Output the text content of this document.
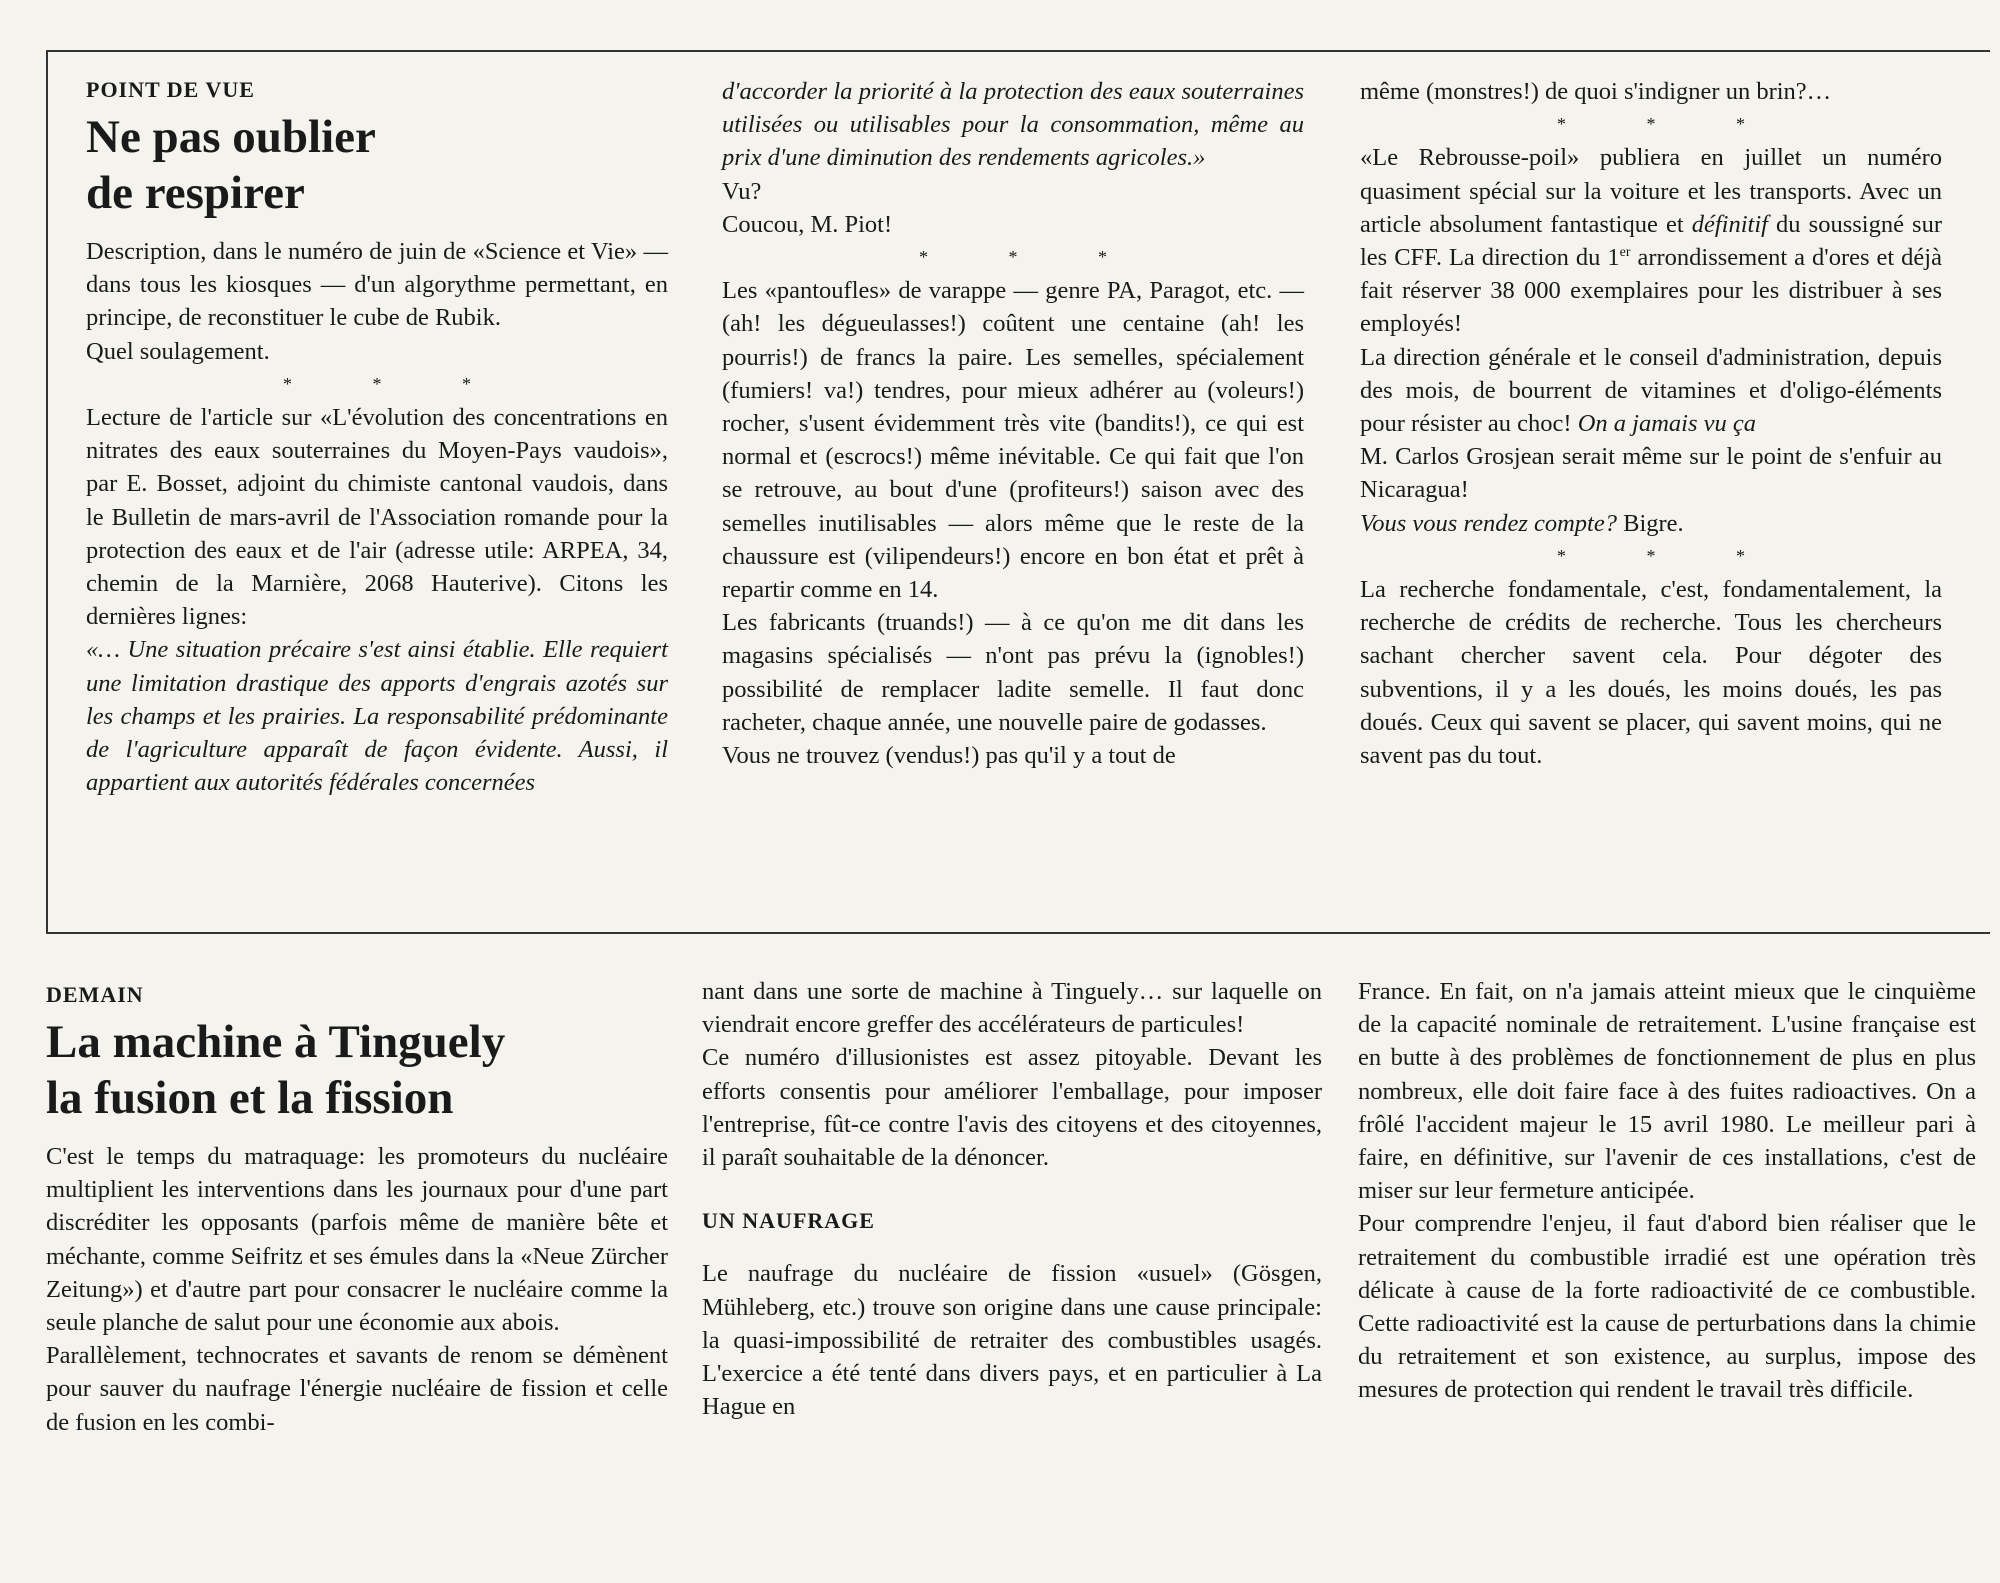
POINT DE VUE
Ne pas oublier
de respirer

Description, dans le numéro de juin de «Science et Vie» — dans tous les kiosques — d'un algorythme permettant, en principe, de reconstituer le cube de Rubik.

Quel soulagement.

* * *

Lecture de l'article sur «L'évolution des concentrations en nitrates des eaux souterraines du Moyen-Pays vaudois», par E. Bosset, adjoint du chimiste cantonal vaudois, dans le Bulletin de mars-avril de l'Association romande pour la protection des eaux et de l'air (adresse utile: ARPEA, 34, chemin de la Marnière, 2068 Hauterive). Citons les dernières lignes:

«… Une situation précaire s'est ainsi établie. Elle requiert une limitation drastique des apports d'engrais azotés sur les champs et les prairies. La responsabilité prédominante de l'agriculture apparaît de façon évidente. Aussi, il appartient aux autorités fédérales concernées

d'accorder la priorité à la protection des eaux souterraines utilisées ou utilisables pour la consommation, même au prix d'une diminution des rendements agricoles.»

Vu?

Coucou, M. Piot!

* * *

Les «pantoufles» de varappe — genre PA, Paragot, etc. — (ah! les dégueulasses!) coûtent une centaine (ah! les pourris!) de francs la paire. Les semelles, spécialement (fumiers! va!) tendres, pour mieux adhérer au (voleurs!) rocher, s'usent évidemment très vite (bandits!), ce qui est normal et (escrocs!) même inévitable. Ce qui fait que l'on se retrouve, au bout d'une (profiteurs!) saison avec des semelles inutilisables — alors même que le reste de la chaussure est (vilipendeurs!) encore en bon état et prêt à repartir comme en 14.

Les fabricants (truands!) — à ce qu'on me dit dans les magasins spécialisés — n'ont pas prévu la (ignobles!) possibilité de remplacer ladite semelle. Il faut donc racheter, chaque année, une nouvelle paire de godasses.

Vous ne trouvez (vendus!) pas qu'il y a tout de

même (monstres!) de quoi s'indigner un brin?…

* * *

«Le Rebrousse-poil» publiera en juillet un numéro quasiment spécial sur la voiture et les transports. Avec un article absolument fantastique et définitif du soussigné sur les CFF. La direction du 1er arrondissement a d'ores et déjà fait réserver 38 000 exemplaires pour les distribuer à ses employés!

La direction générale et le conseil d'administration, depuis des mois, de bourrent de vitamines et d'oligo-éléments pour résister au choc! On a jamais vu ça

M. Carlos Grosjean serait même sur le point de s'enfuir au Nicaragua!

Vous vous rendez compte? Bigre.

* * *

La recherche fondamentale, c'est, fondamentalement, la recherche de crédits de recherche. Tous les chercheurs sachant chercher savent cela. Pour dégoter des subventions, il y a les doués, les moins doués, les pas doués. Ceux qui savent se placer, qui savent moins, qui ne savent pas du tout.

DEMAIN
La machine à Tinguely
la fusion et la fission

C'est le temps du matraquage: les promoteurs du nucléaire multiplient les interventions dans les journaux pour d'une part discréditer les opposants (parfois même de manière bête et méchante, comme Seifritz et ses émules dans la «Neue Zürcher Zeitung») et d'autre part pour consacrer le nucléaire comme la seule planche de salut pour une économie aux abois.

Parallèlement, technocrates et savants de renom se démènent pour sauver du naufrage l'énergie nucléaire de fission et celle de fusion en les combi-

nant dans une sorte de machine à Tinguely… sur laquelle on viendrait encore greffer des accélérateurs de particules!

Ce numéro d'illusionistes est assez pitoyable. Devant les efforts consentis pour améliorer l'emballage, pour imposer l'entreprise, fût-ce contre l'avis des citoyens et des citoyennes, il paraît souhaitable de la dénoncer.

UN NAUFRAGE

Le naufrage du nucléaire de fission «usuel» (Gösgen, Mühleberg, etc.) trouve son origine dans une cause principale: la quasi-impossibilité de retraiter des combustibles usagés. L'exercice a été tenté dans divers pays, et en particulier à La Hague en

France. En fait, on n'a jamais atteint mieux que le cinquième de la capacité nominale de retraitement. L'usine française est en butte à des problèmes de fonctionnement de plus en plus nombreux, elle doit faire face à des fuites radioactives. On a frôlé l'accident majeur le 15 avril 1980. Le meilleur pari à faire, en définitive, sur l'avenir de ces installations, c'est de miser sur leur fermeture anticipée.

Pour comprendre l'enjeu, il faut d'abord bien réaliser que le retraitement du combustible irradié est une opération très délicate à cause de la forte radioactivité de ce combustible. Cette radioactivité est la cause de perturbations dans la chimie du retraitement et son existence, au surplus, impose des mesures de protection qui rendent le travail très difficile.
